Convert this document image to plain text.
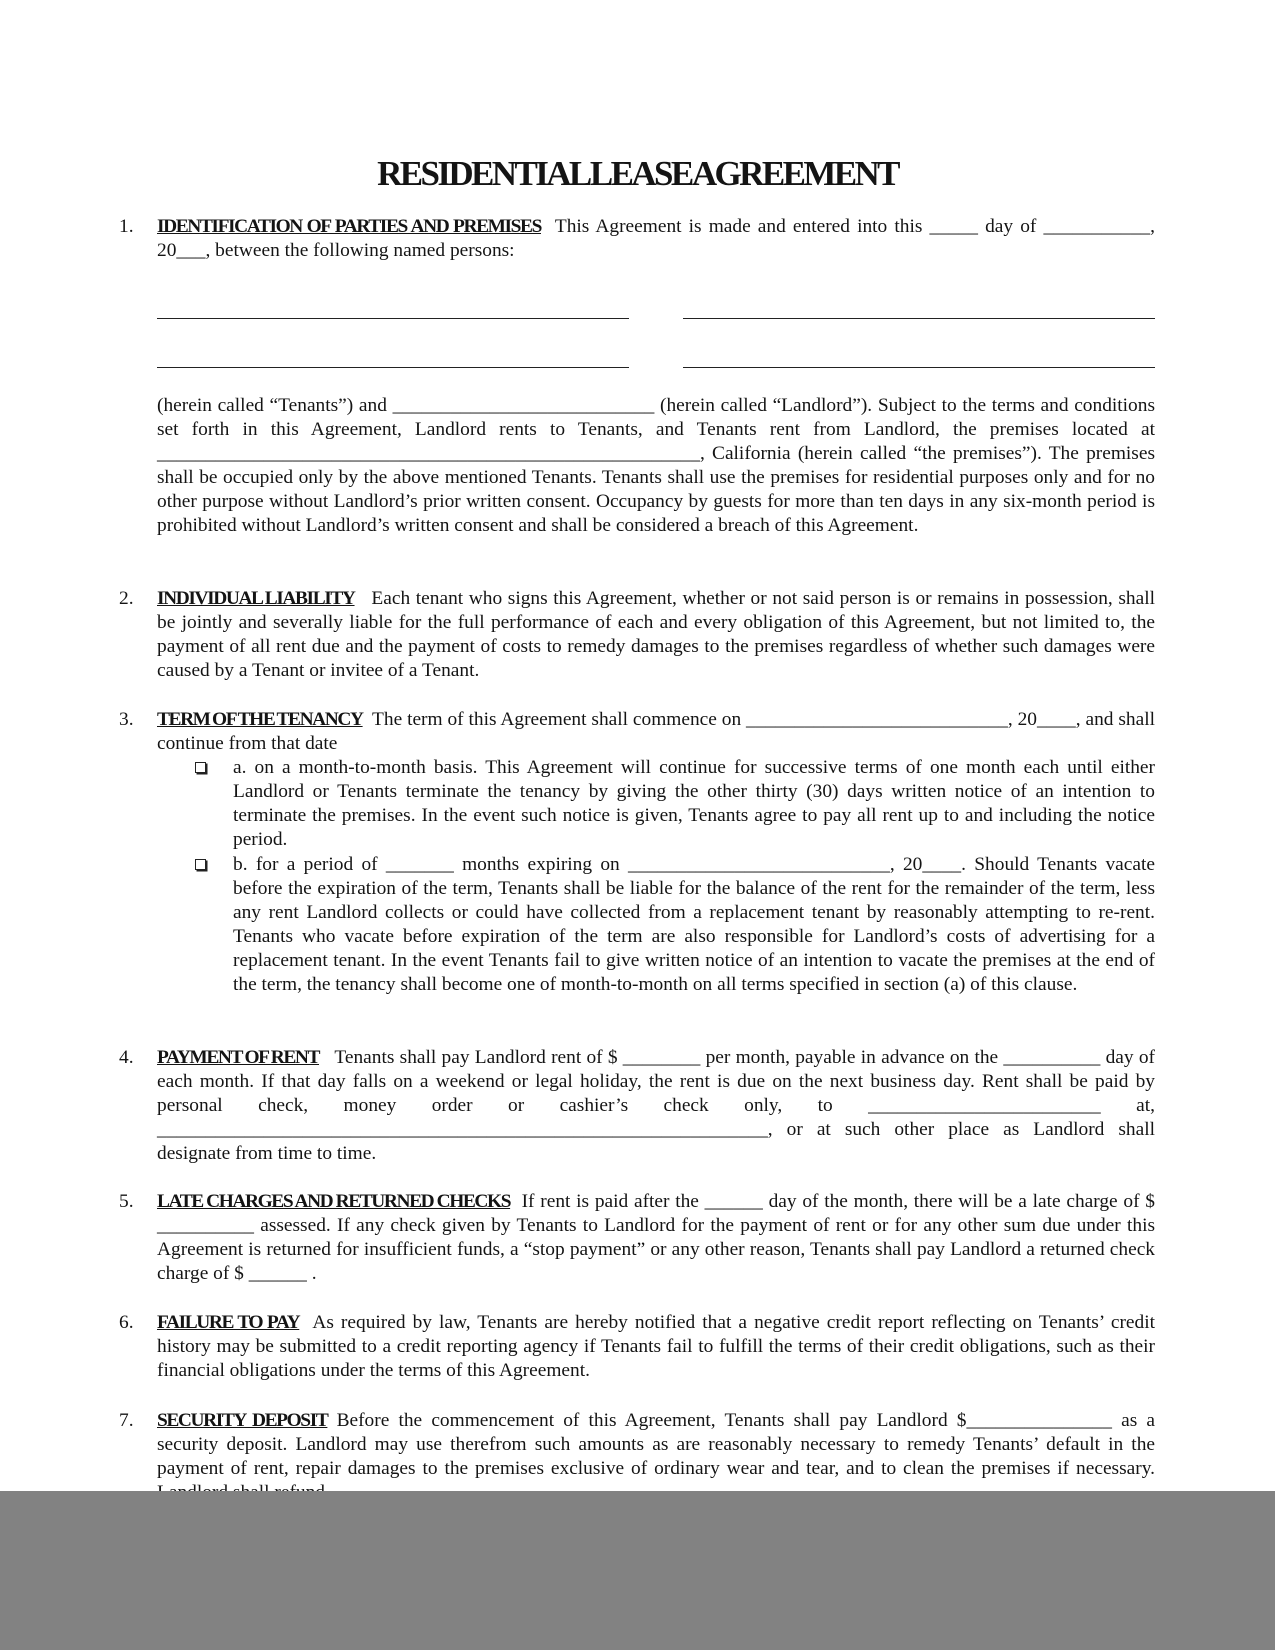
RESIDENTIAL LEASE AGREEMENT
1. IDENTIFICATION OF PARTIES AND PREMISES This Agreement is made and entered into this _____ day of ___________, 20___, between the following named persons:
(herein called “Tenants”) and ___________________________ (herein called “Landlord”). Subject to the terms and conditions set forth in this Agreement, Landlord rents to Tenants, and Tenants rent from Landlord, the premises located at ________________________________________________________, California (herein called “the premises”). The premises shall be occupied only by the above mentioned Tenants. Tenants shall use the premises for residential purposes only and for no other purpose without Landlord’s prior written consent. Occupancy by guests for more than ten days in any six-month period is prohibited without Landlord’s written consent and shall be considered a breach of this Agreement.
2. INDIVIDUAL LIABILITY Each tenant who signs this Agreement, whether or not said person is or remains in possession, shall be jointly and severally liable for the full performance of each and every obligation of this Agreement, but not limited to, the payment of all rent due and the payment of costs to remedy damages to the premises regardless of whether such damages were caused by a Tenant or invitee of a Tenant.
3. TERM OF THE TENANCY The term of this Agreement shall commence on ___________________________, 20____, and shall continue from that date
a. on a month-to-month basis. This Agreement will continue for successive terms of one month each until either Landlord or Tenants terminate the tenancy by giving the other thirty (30) days written notice of an intention to terminate the premises. In the event such notice is given, Tenants agree to pay all rent up to and including the notice period.
b. for a period of _______ months expiring on ___________________________, 20____. Should Tenants vacate before the expiration of the term, Tenants shall be liable for the balance of the rent for the remainder of the term, less any rent Landlord collects or could have collected from a replacement tenant by reasonably attempting to re-rent. Tenants who vacate before expiration of the term are also responsible for Landlord’s costs of advertising for a replacement tenant. In the event Tenants fail to give written notice of an intention to vacate the premises at the end of the term, the tenancy shall become one of month-to-month on all terms specified in section (a) of this clause.
4. PAYMENT OF RENT Tenants shall pay Landlord rent of $ ________ per month, payable in advance on the __________ day of each month. If that day falls on a weekend or legal holiday, the rent is due on the next business day. Rent shall be paid by personal check, money order or cashier’s check only, to ________________________ at, _______________________________________________________________, or at such other place as Landlord shall designate from time to time.
5. LATE CHARGES AND RETURNED CHECKS If rent is paid after the ______ day of the month, there will be a late charge of $ __________ assessed. If any check given by Tenants to Landlord for the payment of rent or for any other sum due under this Agreement is returned for insufficient funds, a “stop payment” or any other reason, Tenants shall pay Landlord a returned check charge of $ ______ .
6. FAILURE TO PAY As required by law, Tenants are hereby notified that a negative credit report reflecting on Tenants’ credit history may be submitted to a credit reporting agency if Tenants fail to fulfill the terms of their credit obligations, such as their financial obligations under the terms of this Agreement.
7. SECURITY DEPOSIT Before the commencement of this Agreement, Tenants shall pay Landlord $_______________ as a security deposit. Landlord may use therefrom such amounts as are reasonably necessary to remedy Tenants’ default in the payment of rent, repair damages to the premises exclusive of ordinary wear and tear, and to clean the premises if necessary.
